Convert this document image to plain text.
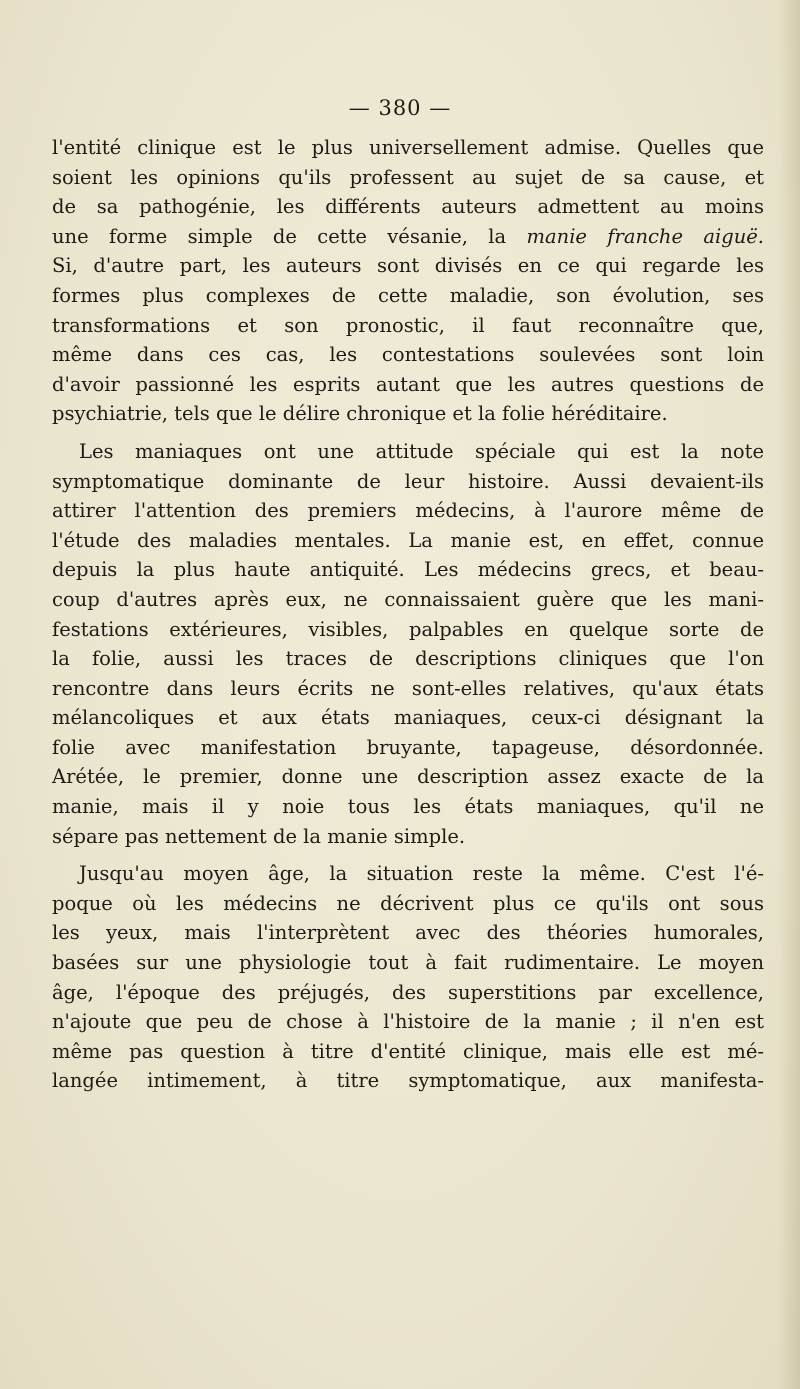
— 380 —
l'entité clinique est le plus universellement admise. Quelles que
soient les opinions qu'ils professent au sujet de sa cause, et
de sa pathogénie, les différents auteurs admettent au moins
une forme simple de cette vésanie, la manie franche aiguë.
Si, d'autre part, les auteurs sont divisés en ce qui regarde les
formes plus complexes de cette maladie, son évolution, ses
transformations et son pronostic, il faut reconnaître que,
même dans ces cas, les contestations soulevées sont loin
d'avoir passionné les esprits autant que les autres questions de
psychiatrie, tels que le délire chronique et la folie héréditaire.
Les maniaques ont une attitude spéciale qui est la note
symptomatique dominante de leur histoire. Aussi devaient-ils
attirer l'attention des premiers médecins, à l'aurore même de
l'étude des maladies mentales. La manie est, en effet, connue
depuis la plus haute antiquité. Les médecins grecs, et beau-
coup d'autres après eux, ne connaissaient guère que les mani-
festations extérieures, visibles, palpables en quelque sorte de
la folie, aussi les traces de descriptions cliniques que l'on
rencontre dans leurs écrits ne sont-elles relatives, qu'aux états
mélancoliques et aux états maniaques, ceux-ci désignant la
folie avec manifestation bruyante, tapageuse, désordonnée.
Arétée, le premier, donne une description assez exacte de la
manie, mais il y noie tous les états maniaques, qu'il ne
sépare pas nettement de la manie simple.
Jusqu'au moyen âge, la situation reste la même. C'est l'é-
poque où les médecins ne décrivent plus ce qu'ils ont sous
les yeux, mais l'interprètent avec des théories humorales,
basées sur une physiologie tout à fait rudimentaire. Le moyen
âge, l'époque des préjugés, des superstitions par excellence,
n'ajoute que peu de chose à l'histoire de la manie ; il n'en est
même pas question à titre d'entité clinique, mais elle est mé-
langée intimement, à titre symptomatique, aux manifesta-
